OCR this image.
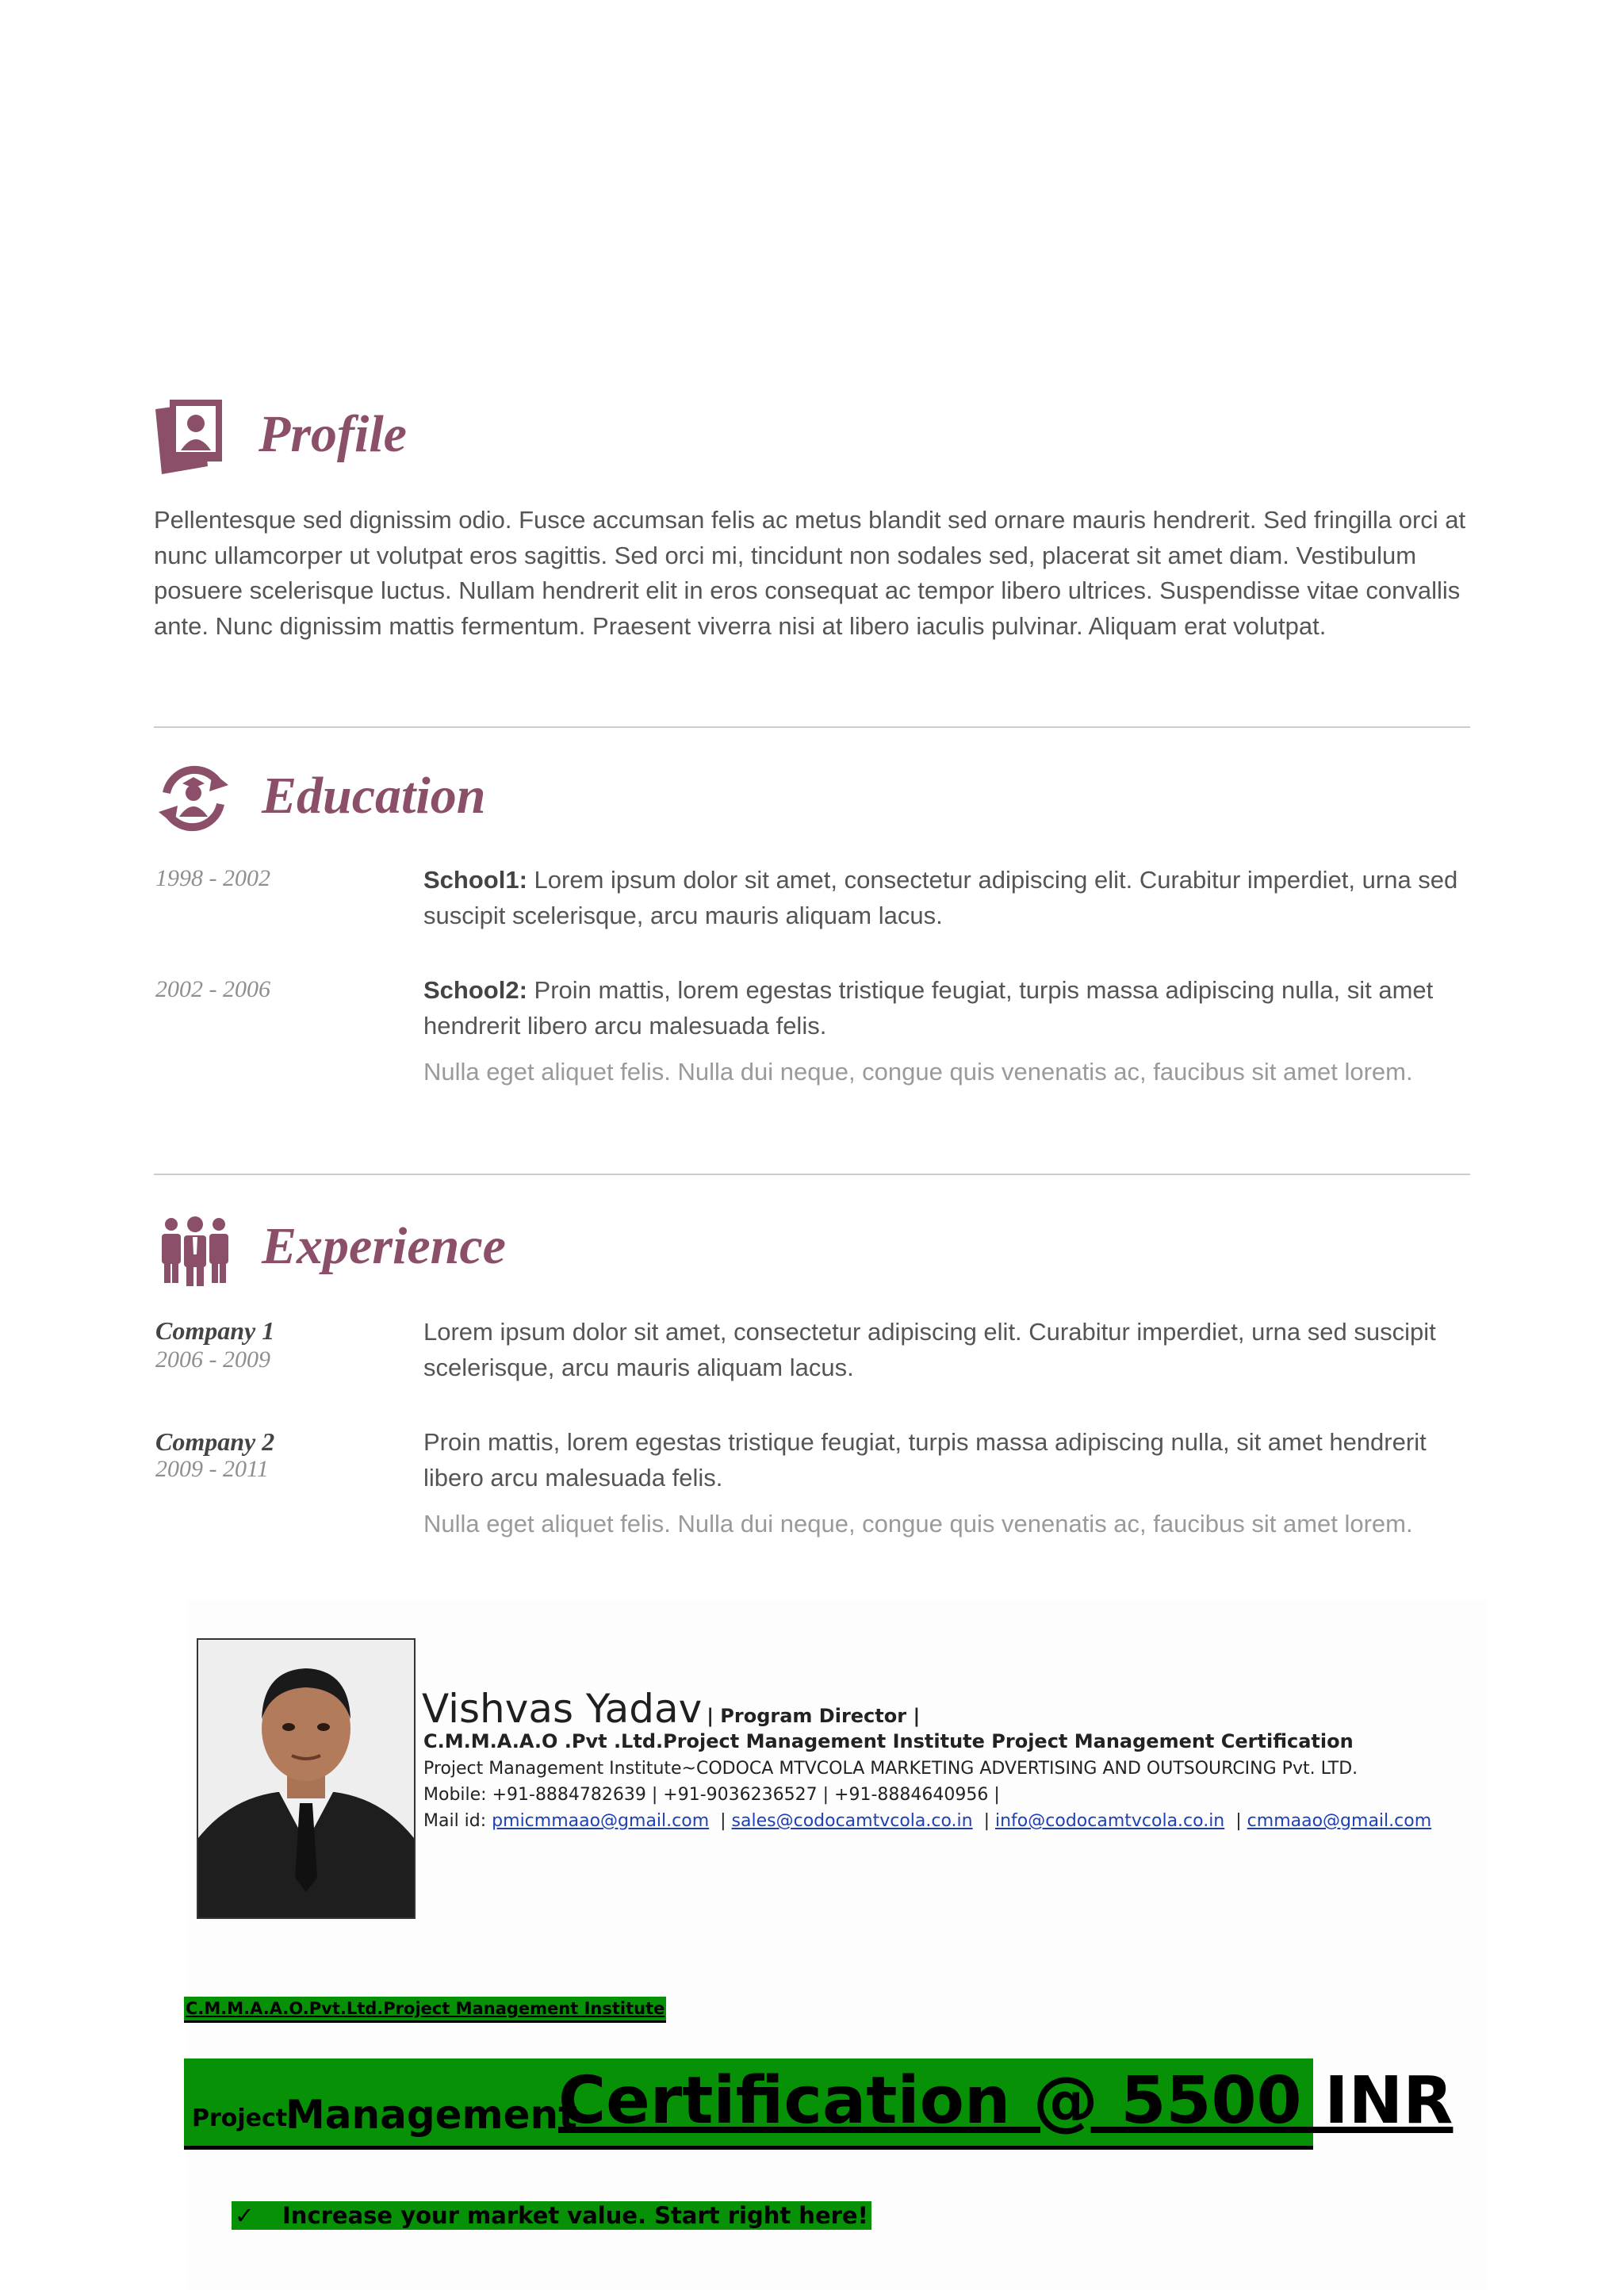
Profile

Pellentesque sed dignissim odio. Fusce accumsan felis ac metus blandit sed ornare mauris hendrerit. Sed fringilla orci at nunc ullamcorper ut volutpat eros sagittis. Sed orci mi, tincidunt non sodales sed, placerat sit amet diam. Vestibulum posuere scelerisque luctus. Nullam hendrerit elit in eros consequat ac tempor libero ultrices. Suspendisse vitae convallis ante. Nunc dignissim mattis fermentum. Praesent viverra nisi at libero iaculis pulvinar. Aliquam erat volutpat.

Education
1998 - 2002	School1: Lorem ipsum dolor sit amet, consectetur adipiscing elit. Curabitur imperdiet, urna sed suscipit scelerisque, arcu mauris aliquam lacus.

2002 - 2006	School2: Proin mattis, lorem egestas tristique feugiat, turpis massa adipiscing nulla, sit amet hendrerit libero arcu malesuada felis.

Nulla eget aliquet felis. Nulla dui neque, congue quis venenatis ac, faucibus sit amet lorem.

Experience
Company 1
2006 - 2009

Lorem ipsum dolor sit amet, consectetur adipiscing elit. Curabitur imperdiet, urna sed suscipit scelerisque, arcu mauris aliquam lacus.

Company 2
2009 - 2011

Proin mattis, lorem egestas tristique feugiat, turpis massa adipiscing nulla, sit amet hendrerit libero arcu malesuada felis.

Nulla eget aliquet felis. Nulla dui neque, congue quis venenatis ac, faucibus sit amet lorem.

Vishvas Yadav | Program Director |
C.M.M.A.A.O .Pvt .Ltd.Project Management Institute Project Management Certification
Project Management Institute~CODOCA MTVCOLA MARKETING ADVERTISING AND OUTSOURCING Pvt. LTD.
Mobile: +91-8884782639 | +91-9036236527 | +91-8884640956 |
Mail id: pmicmmaao@gmail.com  | sales@codocamtvcola.co.in  | info@codocamtvcola.co.in  | cmmaao@gmail.com
C.M.M.A.A.O.Pvt.Ltd.Project Management Institute
Project
Management
Certification @ 5500 INR
✓ Increase your market value. Start right here!
